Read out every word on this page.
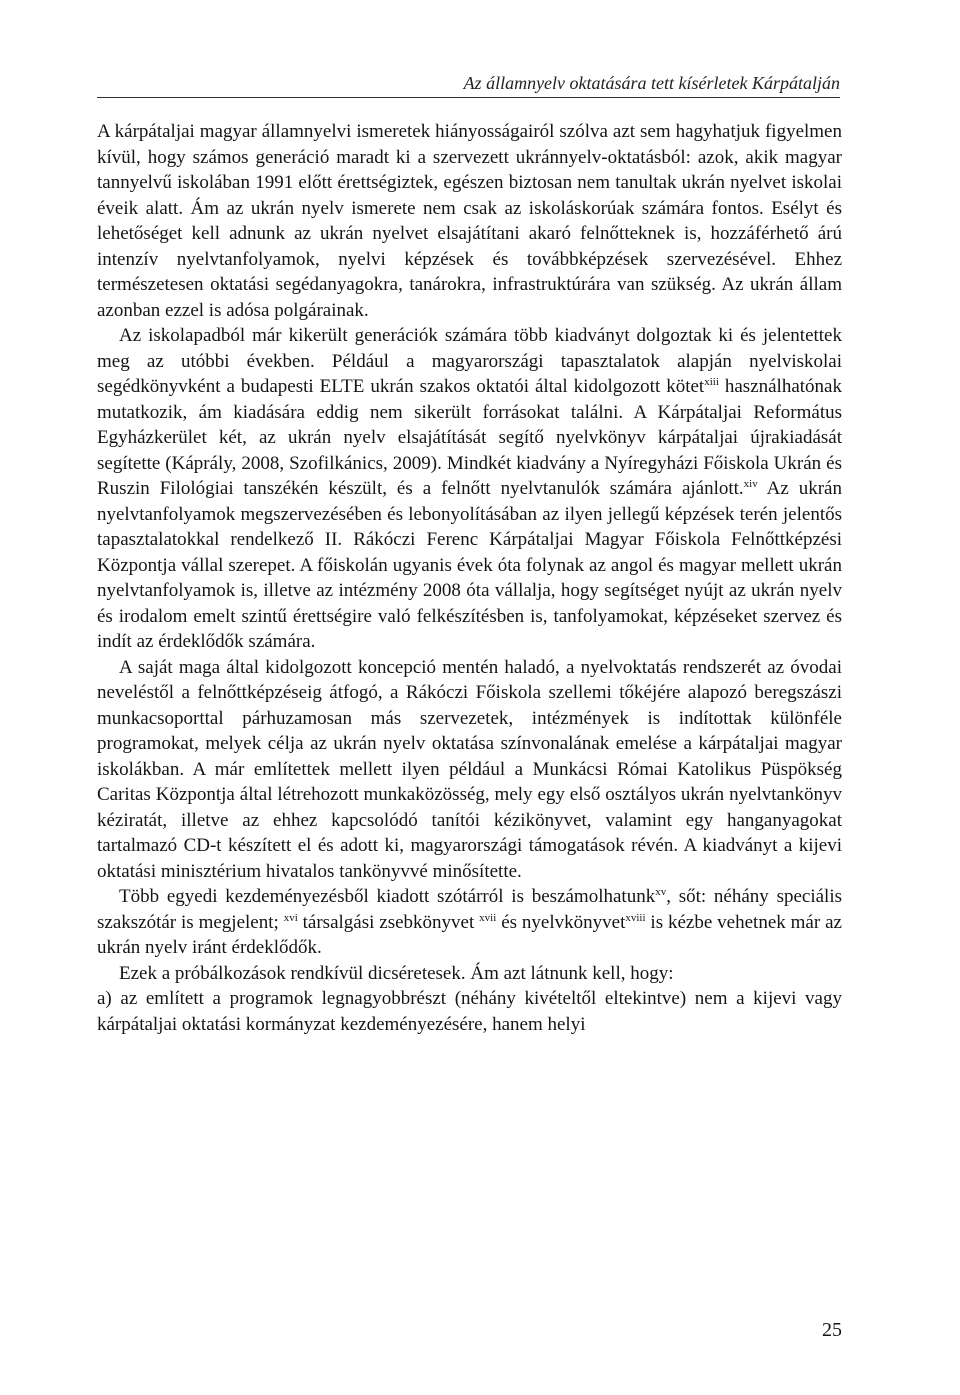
Az államnyelv oktatására tett kísérletek Kárpátalján

A kárpátaljai magyar államnyelvi ismeretek hiányosságairól szólva azt sem hagyhatjuk figyelmen kívül, hogy számos generáció maradt ki a szervezett ukránnyelv-oktatásból: azok, akik magyar tannyelvű iskolában 1991 előtt érettségiztek, egészen biztosan nem tanultak ukrán nyelvet iskolai éveik alatt. Ám az ukrán nyelv ismerete nem csak az iskoláskorúak számára fontos. Esélyt és lehetőséget kell adnunk az ukrán nyelvet elsajátítani akaró felnőtteknek is, hozzáférhető árú intenzív nyelvtanfolyamok, nyelvi képzések és továbbképzések szervezésével. Ehhez természetesen oktatási segédanyagokra, tanárokra, infrastruktúrára van szükség. Az ukrán állam azonban ezzel is adósa polgárainak.

Az iskolapadból már kikerült generációk számára több kiadványt dolgoztak ki és jelentettek meg az utóbbi években. Például a magyarországi tapasztalatok alapján nyelviskolai segédkönyvként a budapesti ELTE ukrán szakos oktatói által kidolgozott kötet$^{xiii}$ használhatónak mutatkozik, ám kiadására eddig nem sikerült forrásokat találni. A Kárpátaljai Református Egyházkerület két, az ukrán nyelv elsajátítását segítő nyelvkönyv kárpátaljai újrakiadását segítette (Káprály, 2008, Szofilkánics, 2009). Mindkét kiadvány a Nyíregyházi Főiskola Ukrán és Ruszin Filológiai tanszékén készült, és a felnőtt nyelvtanulók számára ajánlott.$^{xiv}$ Az ukrán nyelvtanfolyamok megszervezésében és lebonyolításában az ilyen jellegű képzések terén jelentős tapasztalatokkal rendelkező II. Rákóczi Ferenc Kárpátaljai Magyar Főiskola Felnőttképzési Központja vállal szerepet. A főiskolán ugyanis évek óta folynak az angol és magyar mellett ukrán nyelvtanfolyamok is, illetve az intézmény 2008 óta vállalja, hogy segítséget nyújt az ukrán nyelv és irodalom emelt szintű érettségire való felkészítésben is, tanfolyamokat, képzéseket szervez és indít az érdeklődők számára.

A saját maga által kidolgozott koncepció mentén haladó, a nyelvoktatás rendszerét az óvodai neveléstől a felnőttképzéseig átfogó, a Rákóczi Főiskola szellemi tőkéjére alapozó beregszászi munkacsoporttal párhuzamosan más szervezetek, intézmények is indítottak különféle programokat, melyek célja az ukrán nyelv oktatása színvonalának emelése a kárpátaljai magyar iskolákban. A már említettek mellett ilyen például a Munkácsi Római Katolikus Püspökség Caritas Központja által létrehozott munkaközösség, mely egy első osztályos ukrán nyelvtankönyv kéziratát, illetve az ehhez kapcsolódó tanítói kézikönyvet, valamint egy hanganyagokat tartalmazó CD-t készített el és adott ki, magyarországi támogatások révén. A kiadványt a kijevi oktatási minisztérium hivatalos tankönyvvé minősítette.

Több egyedi kezdeményezésből kiadott szótárról is beszámolhatunk$^{xv}$, sőt: néhány speciális szakszótár is megjelent; $^{xvi}$ társalgási zsebkönyvet $^{xvii}$ és nyelvkönyvet$^{xviii}$ is kézbe vehetnek már az ukrán nyelv iránt érdeklődők.

Ezek a próbálkozások rendkívül dicséretesek. Ám azt látnunk kell, hogy:

a) az említett a programok legnagyobbrészt (néhány kivételtől eltekintve) nem a kijevi vagy kárpátaljai oktatási kormányzat kezdeményezésére, hanem helyi

25
